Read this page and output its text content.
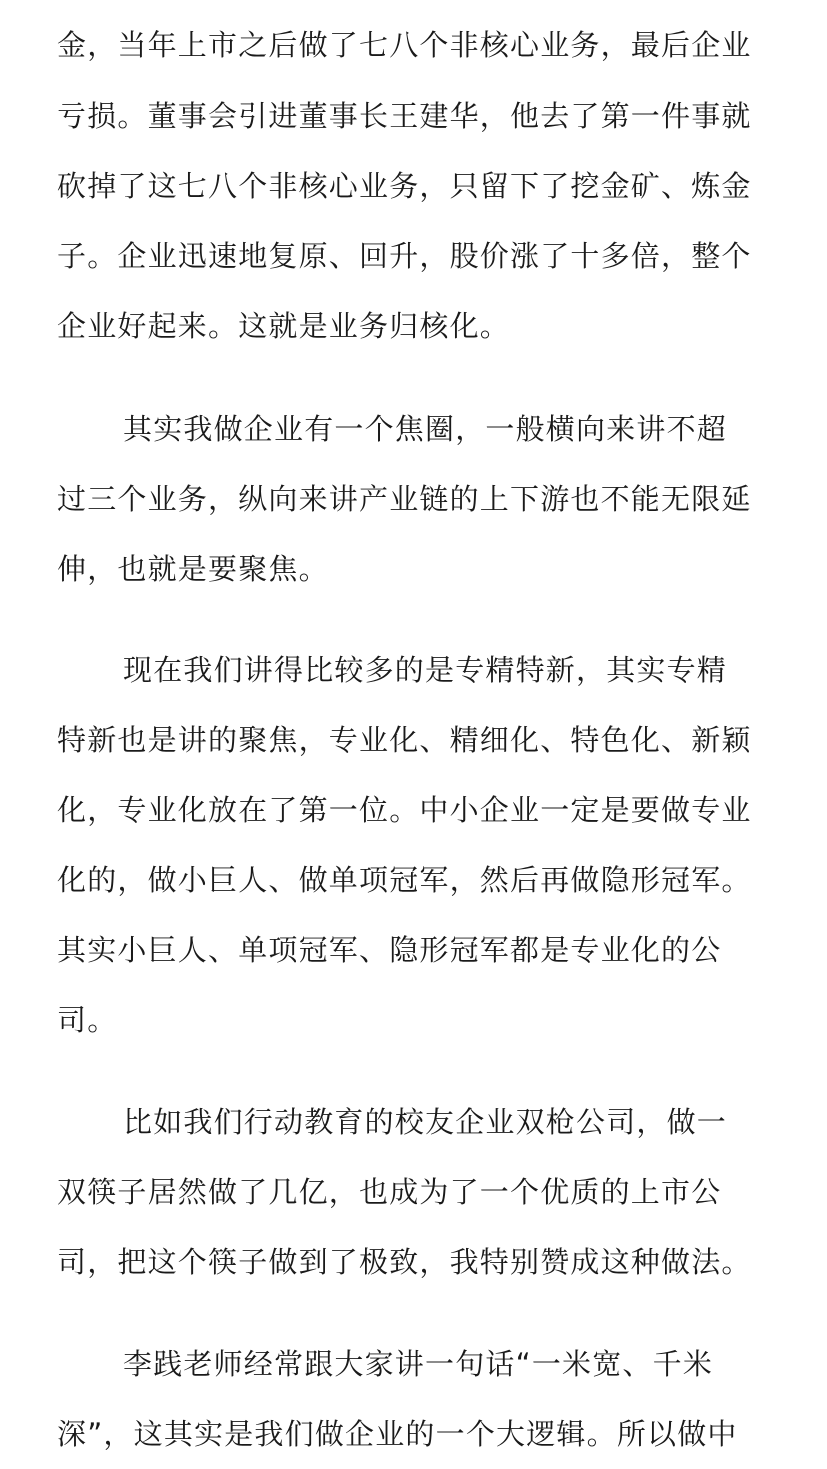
金，当年上市之后做了七八个非核心业务，最后企业
亏损。董事会引进董事长王建华，他去了第一件事就
砍掉了这七八个非核心业务，只留下了挖金矿、炼金
子。企业迅速地复原、回升，股价涨了十多倍，整个
企业好起来。这就是业务归核化。
其实我做企业有一个焦圈，一般横向来讲不超
过三个业务，纵向来讲产业链的上下游也不能无限延
伸，也就是要聚焦。
现在我们讲得比较多的是专精特新，其实专精
特新也是讲的聚焦，专业化、精细化、特色化、新颖
化，专业化放在了第一位。中小企业一定是要做专业
化的，做小巨人、做单项冠军，然后再做隐形冠军。
其实小巨人、单项冠军、隐形冠军都是专业化的公
司。
比如我们行动教育的校友企业双枪公司，做一
双筷子居然做了几亿，也成为了一个优质的上市公
司，把这个筷子做到了极致，我特别赞成这种做法。
李践老师经常跟大家讲一句话“一米宽、千米
深”，这其实是我们做企业的一个大逻辑。所以做中
